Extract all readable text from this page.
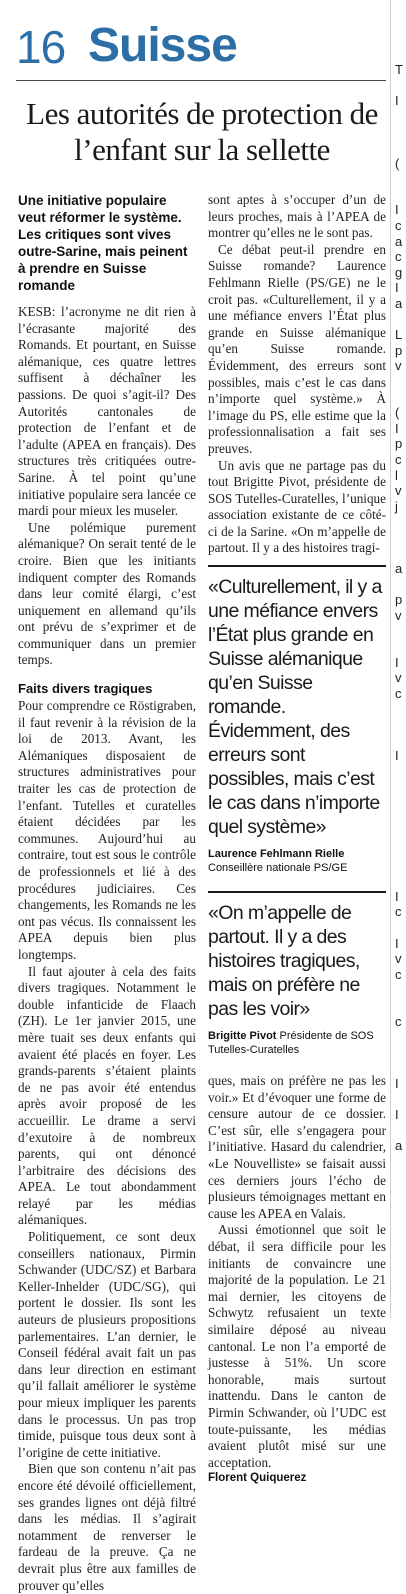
16 Suisse
Les autorités de protection de l’enfant sur la sellette

Une initiative populaire veut réformer le système. Les critiques sont vives outre-Sarine, mais peinent à prendre en Suisse romande

KESB: l’acronyme ne dit rien à l’écrasante majorité des Romands. Et pourtant, en Suisse alémanique, ces quatre lettres suffisent à déchaîner les passions. De quoi s’agit-il? Des Autorités cantonales de protection de l’enfant et de l’adulte (APEA en français). Des structures très critiquées outre-Sarine. À tel point qu’une initiative populaire sera lancée ce mardi pour mieux les museler.

Une polémique purement alémanique? On serait tenté de le croire. Bien que les initiants indiquent compter des Romands dans leur comité élargi, c’est uniquement en allemand qu’ils ont prévu de s’exprimer et de communiquer dans un premier temps.

Faits divers tragiques

Pour comprendre ce Röstigraben, il faut revenir à la révision de la loi de 2013. Avant, les Alémaniques disposaient de structures administratives pour traiter les cas de protection de l’enfant. Tutelles et curatelles étaient décidées par les communes. Aujourd’hui au contraire, tout est sous le contrôle de professionnels et lié à des procédures judiciaires. Ces changements, les Romands ne les ont pas vécus. Ils connaissent les APEA depuis bien plus longtemps.

Il faut ajouter à cela des faits divers tragiques. Notamment le double infanticide de Flaach (ZH). Le 1er janvier 2015, une mère tuait ses deux enfants qui avaient été placés en foyer. Les grands-parents s’étaient plaints de ne pas avoir été entendus après avoir proposé de les accueillir. Le drame a servi d’exutoire à de nombreux parents, qui ont dénoncé l’arbitraire des décisions des APEA. Le tout abondamment relayé par les médias alémaniques.

Politiquement, ce sont deux conseillers nationaux, Pirmin Schwander (UDC/SZ) et Barbara Keller-Inhelder (UDC/SG), qui portent le dossier. Ils sont les auteurs de plusieurs propositions parlementaires. L’an dernier, le Conseil fédéral avait fait un pas dans leur direction en estimant qu’il fallait améliorer le système pour mieux impliquer les parents dans le processus. Un pas trop timide, puisque tous deux sont à l’origine de cette initiative.

Bien que son contenu n’ait pas encore été dévoilé officiellement, ses grandes lignes ont déjà filtré dans les médias. Il s’agirait notamment de renverser le fardeau de la preuve. Ça ne devrait plus être aux familles de prouver qu’elles

sont aptes à s’occuper d’un de leurs proches, mais à l’APEA de montrer qu’elles ne le sont pas.

Ce débat peut-il prendre en Suisse romande? Laurence Fehlmann Rielle (PS/GE) ne le croit pas. «Culturellement, il y a une méfiance envers l’État plus grande en Suisse alémanique qu’en Suisse romande. Évidemment, des erreurs sont possibles, mais c’est le cas dans n’importe quel système.» À l’image du PS, elle estime que la professionnalisation a fait ses preuves.

Un avis que ne partage pas du tout Brigitte Pivot, présidente de SOS Tutelles-Curatelles, l’unique association existante de ce côté-ci de la Sarine. «On m’appelle de partout. Il y a des histoires tragi-

«Culturellement, il y a une méfiance envers l’État plus grande en Suisse alémanique qu’en Suisse romande. Évidemment, des erreurs sont possibles, mais c’est le cas dans n’importe quel système»
Laurence Fehlmann Rielle
Conseillère nationale PS/GE
«On m’appelle de partout. Il y a des histoires tragiques, mais on préfère ne pas les voir»
Brigitte Pivot Présidente de SOS Tutelles-Curatelles

ques, mais on préfère ne pas les voir.» Et d’évoquer une forme de censure autour de ce dossier. C’est sûr, elle s’engagera pour l’initiative. Hasard du calendrier, «Le Nouvelliste» se faisait aussi ces derniers jours l’écho de plusieurs témoignages mettant en cause les APEA en Valais.

Aussi émotionnel que soit le débat, il sera difficile pour les initiants de convaincre une majorité de la population. Le 21 mai dernier, les citoyens de Schwytz refusaient un texte similaire déposé au niveau cantonal. Le non l’a emporté de justesse à 51%. Un score honorable, mais surtout inattendu. Dans le canton de Pirmin Schwander, où l’UDC est toute-puissante, les médias avaient plutôt misé sur une acceptation.

Florent Quiquerez
T
I
(
I
c
a
c
g
I
a
L
p
v
(
I
p
c
l
v
j
a
p
v
I
v
c
I
I
c
I
v
c
c
I
I
a
